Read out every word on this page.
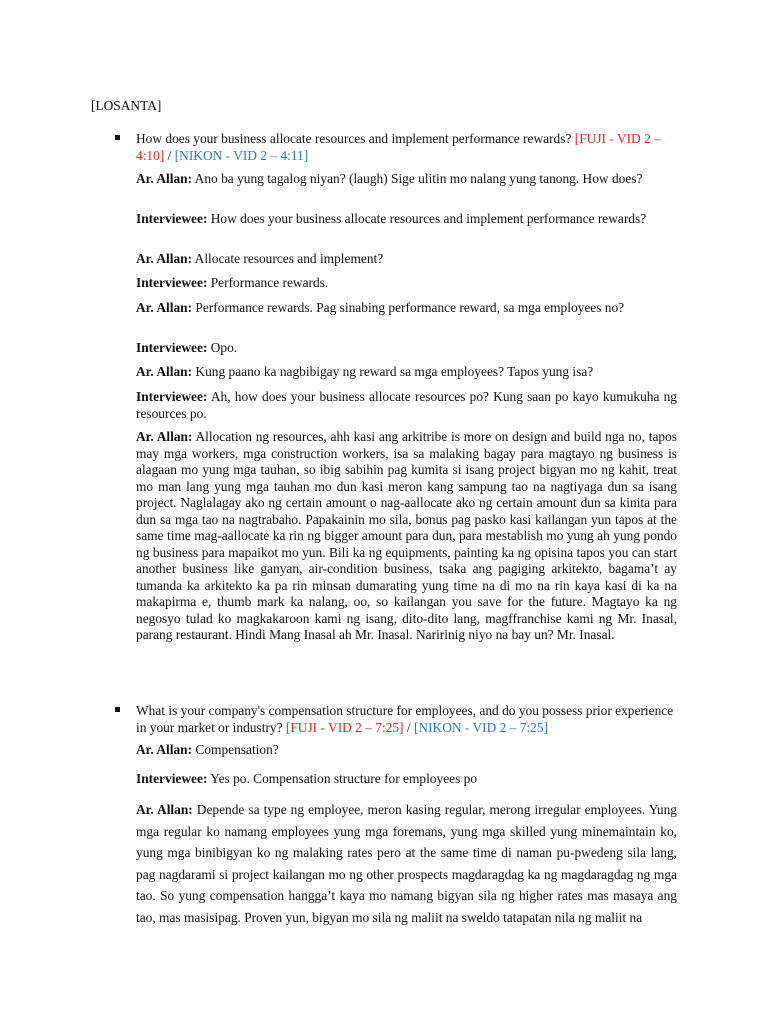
[LOSANTA]
How does your business allocate resources and implement performance rewards? [FUJI - VID 2 – 4:10] / [NIKON - VID 2 – 4:11]
Ar. Allan: Ano ba yung tagalog niyan? (laugh) Sige ulitin mo nalang yung tanong. How does?
Interviewee: How does your business allocate resources and implement performance rewards?
Ar. Allan: Allocate resources and implement?
Interviewee: Performance rewards.
Ar. Allan: Performance rewards. Pag sinabing performance reward, sa mga employees no?
Interviewee: Opo.
Ar. Allan: Kung paano ka nagbibigay ng reward sa mga employees? Tapos yung isa?
Interviewee: Ah, how does your business allocate resources po? Kung saan po kayo kumukuha ng resources po.
Ar. Allan: Allocation ng resources, ahh kasi ang arkitribe is more on design and build nga no, tapos may mga workers, mga construction workers, isa sa malaking bagay para magtayo ng business is alagaan mo yung mga tauhan, so ibig sabihin pag kumita si isang project bigyan mo ng kahit, treat mo man lang yung mga tauhan mo dun kasi meron kang sampung tao na nagtiyaga dun sa isang project. Naglalagay ako ng certain amount o nag-aallocate ako ng certain amount dun sa kinita para dun sa mga tao na nagtrabaho. Papakainin mo sila, bonus pag pasko kasi kailangan yun tapos at the same time mag-aallocate ka rin ng bigger amount para dun, para mestablish mo yung ah yung pondo ng business para mapaikot mo yun. Bili ka ng equipments, painting ka ng opisina tapos you can start another business like ganyan, air-condition business, tsaka ang pagiging arkitekto, bagama’t ay tumanda ka arkitekto ka pa rin minsan dumarating yung time na di mo na rin kaya kasi di ka na makapirma e, thumb mark ka nalang, oo, so kailangan you save for the future. Magtayo ka ng negosyo tulad ko magkakaroon kami ng isang, dito-dito lang, magffranchise kami ng Mr. Inasal, parang restaurant. Hindi Mang Inasal ah Mr. Inasal. Naririnig niyo na bay un? Mr. Inasal.
What is your company's compensation structure for employees, and do you possess prior experience in your market or industry? [FUJI - VID 2 – 7:25] / [NIKON - VID 2 – 7:25]
Ar. Allan: Compensation?
Interviewee: Yes po. Compensation structure for employees po
Ar. Allan: Depende sa type ng employee, meron kasing regular, merong irregular employees. Yung mga regular ko namang employees yung mga foremans, yung mga skilled yung minemaintain ko, yung mga binibigyan ko ng malaking rates pero at the same time di naman pu-pwedeng sila lang, pag nagdarami si project kailangan mo ng other prospects magdaragdag ka ng magdaragdag ng mga tao. So yung compensation hangga’t kaya mo namang bigyan sila ng higher rates mas masaya ang tao, mas masisipag. Proven yun, bigyan mo sila ng maliit na sweldo tatapatan nila ng maliit na
